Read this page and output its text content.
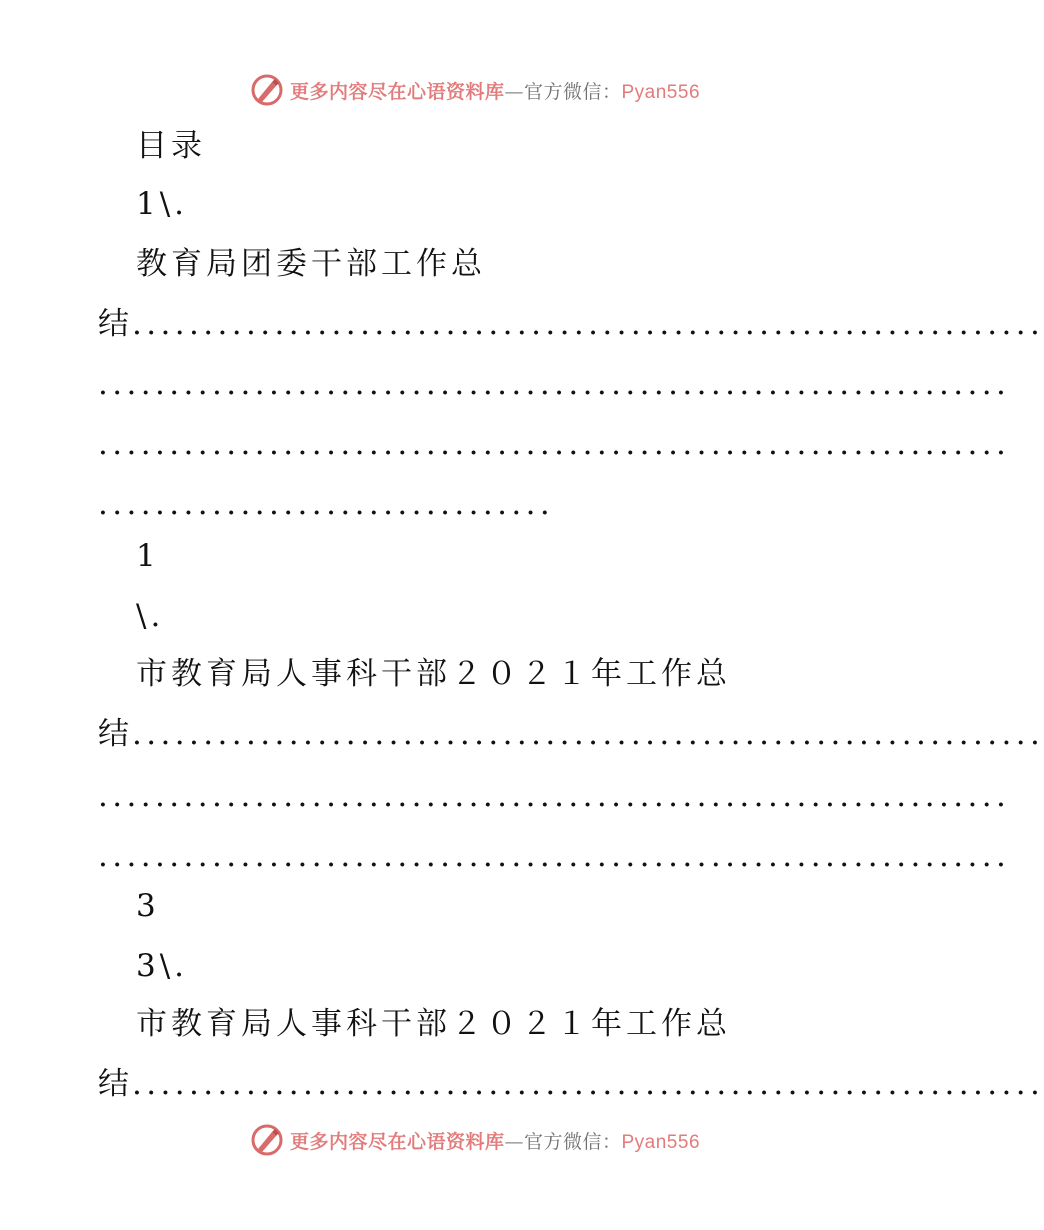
更多内容尽在心语资料库—官方微信：Pyan556
目录
1\.
教育局团委干部工作总
结 ................................................................
................................................................
................................................................
................................
1
\.
市教育局人事科干部２０２１年工作总
结 ................................................................
................................................................
................................................................
3
3\.
市教育局人事科干部２０２１年工作总
结 ................................................................
更多内容尽在心语资料库—官方微信：Pyan556
